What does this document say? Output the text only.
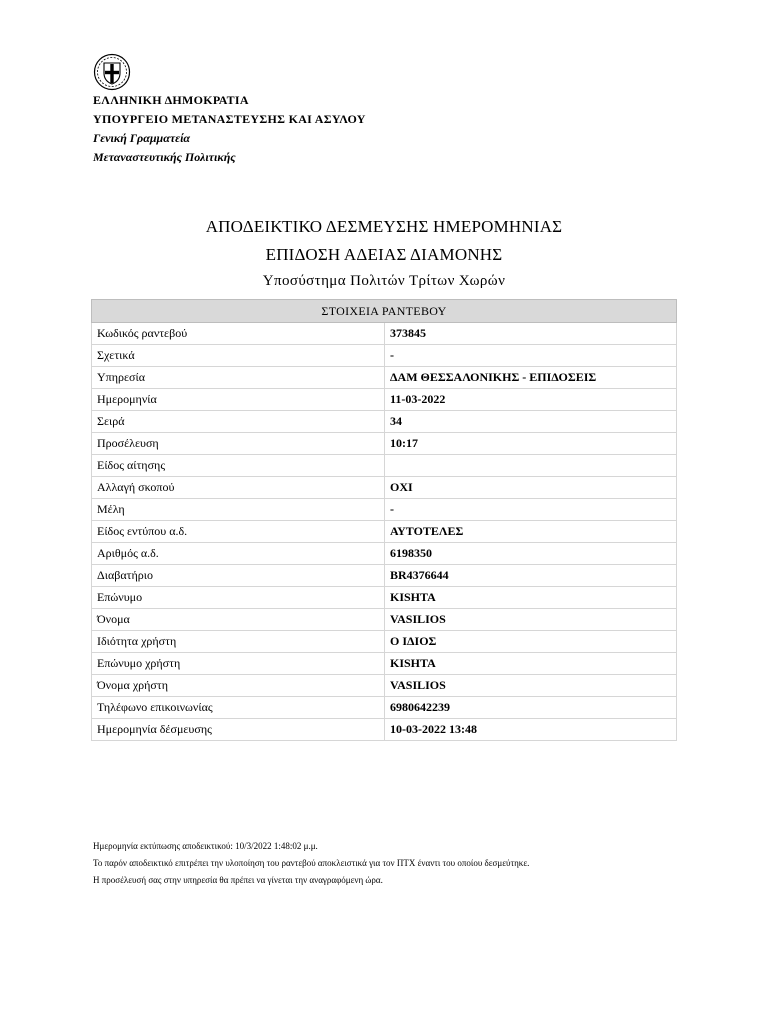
ΕΛΛΗΝΙΚΗ ΔΗΜΟΚΡΑΤΙΑ
ΥΠΟΥΡΓΕΙΟ ΜΕΤΑΝΑΣΤΕΥΣΗΣ ΚΑΙ ΑΣΥΛΟΥ
Γενική Γραμματεία
Μεταναστευτικής Πολιτικής
ΑΠΟΔΕΙΚΤΙΚΟ ΔΕΣΜΕΥΣΗΣ ΗΜΕΡΟΜΗΝΙΑΣ
ΕΠΙΔΟΣΗ ΑΔΕΙΑΣ ΔΙΑΜΟΝΗΣ
Υποσύστημα Πολιτών Τρίτων Χωρών
ΣΤΟΙΧΕΙΑ ΡΑΝΤΕΒΟΥ	
Κωδικός ραντεβού	373845
Σχετικά	-
Υπηρεσία	ΔΑΜ ΘΕΣΣΑΛΟΝΙΚΗΣ - ΕΠΙΔΟΣΕΙΣ
Ημερομηνία	11-03-2022
Σειρά	34
Προσέλευση	10:17
Είδος αίτησης	
Αλλαγή σκοπού	ΟΧΙ
Μέλη	-
Είδος εντύπου α.δ.	ΑΥΤΟΤΕΛΕΣ
Αριθμός α.δ.	6198350
Διαβατήριο	BR4376644
Επώνυμο	KISHTA
Όνομα	VASILIOS
Ιδιότητα χρήστη	Ο ΙΔΙΟΣ
Επώνυμο χρήστη	KISHTA
Όνομα χρήστη	VASILIOS
Τηλέφωνο επικοινωνίας	6980642239
Ημερομηνία δέσμευσης	10-03-2022 13:48
Ημερομηνία εκτύπωσης αποδεικτικού: 10/3/2022 1:48:02 μ.μ.
Το παρόν αποδεικτικό επιτρέπει την υλοποίηση του ραντεβού αποκλειστικά για τον ΠΤΧ έναντι του οποίου δεσμεύτηκε.
Η προσέλευσή σας στην υπηρεσία θα πρέπει να γίνεται την αναγραφόμενη ώρα.
